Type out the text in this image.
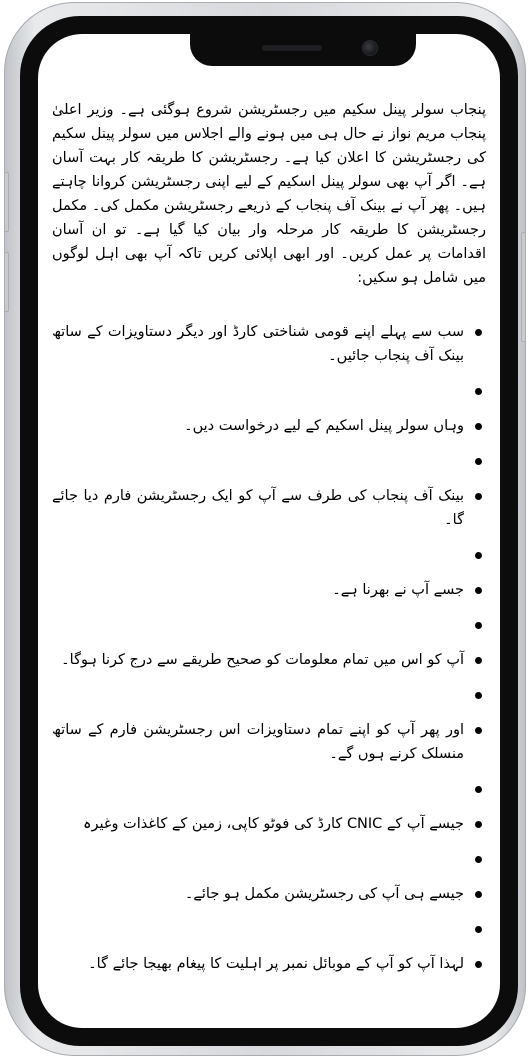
پنجاب سولر پینل سکیم میں رجسٹریشن شروع ہوگئی ہے۔ وزیر اعلیٰ پنجاب مریم نواز نے حال ہی میں ہونے والے اجلاس میں سولر پینل سکیم کی رجسٹریشن کا اعلان کیا ہے۔ رجسٹریشن کا طریقہ کار بہت آسان ہے۔ اگر آپ بھی سولر پینل اسکیم کے لیے اپنی رجسٹریشن کروانا چاہتے ہیں۔ پھر آپ نے بینک آف پنجاب کے ذریعے رجسٹریشن مکمل کی۔ مکمل رجسٹریشن کا طریقہ کار مرحلہ وار بیان کیا گیا ہے۔ تو ان آسان اقدامات پر عمل کریں۔ اور ابھی اپلائی کریں تاکہ آپ بھی اہل لوگوں میں شامل ہو سکیں:

سب سے پہلے اپنے قومی شناختی کارڈ اور دیگر دستاویزات کے ساتھ بینک آف پنجاب جائیں۔
وہاں سولر پینل اسکیم کے لیے درخواست دیں۔
بینک آف پنجاب کی طرف سے آپ کو ایک رجسٹریشن فارم دیا جائے گا۔
جسے آپ نے بھرنا ہے۔
آپ کو اس میں تمام معلومات کو صحیح طریقے سے درج کرنا ہوگا۔
اور پھر آپ کو اپنے تمام دستاویزات اس رجسٹریشن فارم کے ساتھ منسلک کرنے ہوں گے۔
جیسے آپ کے CNIC کارڈ کی فوٹو کاپی، زمین کے کاغذات وغیرہ
جیسے ہی آپ کی رجسٹریشن مکمل ہو جائے۔
لہذا آپ کو آپ کے موبائل نمبر پر اہلیت کا پیغام بھیجا جائے گا۔
